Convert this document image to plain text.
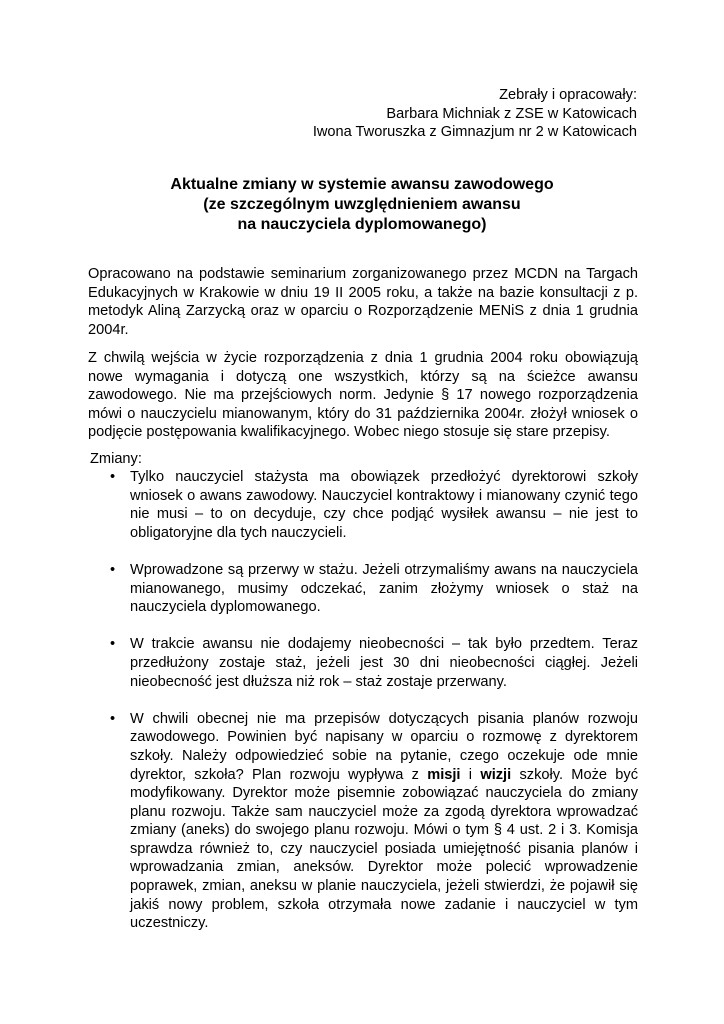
Zebrały i opracowały:
Barbara Michniak z ZSE w Katowicach
Iwona Tworuszka z Gimnazjum nr 2 w Katowicach
Aktualne zmiany w systemie awansu zawodowego
(ze szczególnym uwzględnieniem awansu
na nauczyciela dyplomowanego)

Opracowano na podstawie seminarium zorganizowanego przez MCDN na Targach Edukacyjnych w Krakowie w dniu 19 II 2005 roku, a także na bazie konsultacji z p. metodyk Aliną Zarzycką oraz w oparciu o Rozporządzenie MENiS z dnia 1 grudnia 2004r.

Z chwilą wejścia w życie rozporządzenia z dnia 1 grudnia 2004 roku obowiązują nowe wymagania i dotyczą one wszystkich, którzy są na ścieżce awansu zawodowego. Nie ma przejściowych norm. Jedynie § 17 nowego rozporządzenia mówi o nauczycielu mianowanym, który do 31 października 2004r. złożył wniosek o podjęcie postępowania kwalifikacyjnego. Wobec niego stosuje się stare przepisy.

Zmiany:
•	Tylko nauczyciel stażysta ma obowiązek przedłożyć dyrektorowi szkoły wniosek o awans zawodowy. Nauczyciel kontraktowy i mianowany czynić tego nie musi – to on decyduje, czy chce podjąć wysiłek awansu – nie jest to obligatoryjne dla tych nauczycieli.
•	Wprowadzone są przerwy w stażu. Jeżeli otrzymaliśmy awans na nauczyciela mianowanego, musimy odczekać, zanim złożymy wniosek o staż na nauczyciela dyplomowanego.
•	W trakcie awansu nie dodajemy nieobecności – tak było przedtem. Teraz przedłużony zostaje staż, jeżeli jest 30 dni nieobecności ciągłej. Jeżeli nieobecność jest dłuższa niż rok – staż zostaje przerwany.
•	W chwili obecnej nie ma przepisów dotyczących pisania planów rozwoju zawodowego. Powinien być napisany w oparciu o rozmowę z dyrektorem szkoły. Należy odpowiedzieć sobie na pytanie, czego oczekuje ode mnie dyrektor, szkoła? Plan rozwoju wypływa z misji i wizji szkoły. Może być modyfikowany. Dyrektor może pisemnie zobowiązać nauczyciela do zmiany planu rozwoju. Także sam nauczyciel może za zgodą dyrektora wprowadzać zmiany (aneks) do swojego planu rozwoju. Mówi o tym § 4 ust. 2 i 3. Komisja sprawdza również to, czy nauczyciel posiada umiejętność pisania planów i wprowadzania zmian, aneksów. Dyrektor może polecić wprowadzenie poprawek, zmian, aneksu w planie nauczyciela, jeżeli stwierdzi, że pojawił się jakiś nowy problem, szkoła otrzymała nowe zadanie i nauczyciel w tym uczestniczy.
